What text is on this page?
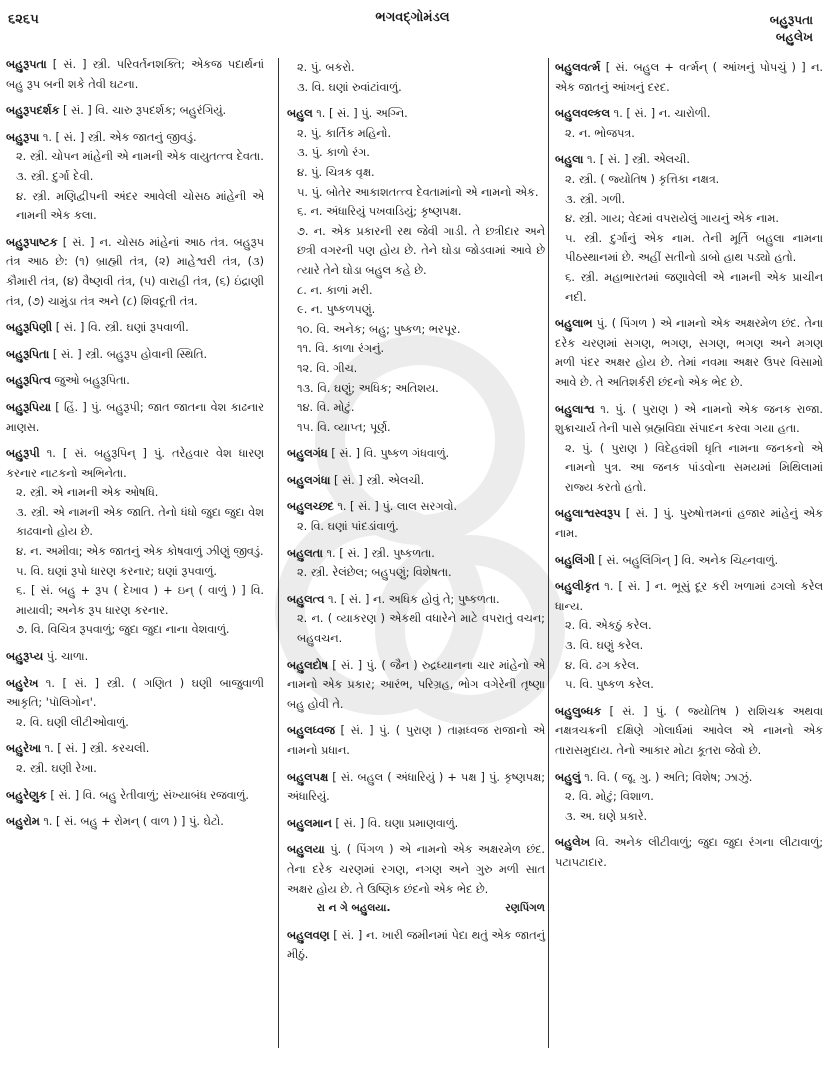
૬૨૬૫	ભગવદ્ગોમંડલ	બહુરૂપતા
બહુલેખ
બહુરૂપતા [ સં. ] સ્ત્રી. પરિવર્તનશક્તિ; એકજ પદાર્થનાં બહુ રૂપ બની શકે તેવી ઘટના.
બહુરૂપદર્શક [ સં. ] વિ. ચારુ રૂપદર્શક; બહુરંગિયું.
બહુરૂપા ૧. [ સં. ] સ્ત્રી. એક જાતનું જીવડું.
૨. સ્ત્રી. ચોપન માંહેની એ નામની એક વાયુતત્ત્વ દેવતા.
૩. સ્ત્રી. દુર્ગા દેવી.
૪. સ્ત્રી. મણિદ્વીપની અંદર આવેલી ચોસઠ માંહેની એ નામની એક કલા.
બહુરૂપાષ્ટક [ સં. ] ન. ચોસઠ માંહેનાં આઠ તંત્ર. બહુરૂપ તંત્ર આઠ છે: (૧) બ્રાહ્મી તંત્ર, (૨) માહેશ્વરી તંત્ર, (૩) કૌમારી તંત્ર, (૪) વૈષ્ણવી તંત્ર, (૫) વારાહી તંત્ર, (૬) ઇંદ્રાણી તંત્ર, (૭) ચામુંડા તંત્ર અને (૮) શિવદૂતી તંત્ર.
બહુરૂપિણી [ સં. ] વિ. સ્ત્રી. ઘણાં રૂપવાળી.
બહુરૂપિતા [ સં. ] સ્ત્રી. બહુરૂપ હોવાની સ્થિતિ.
બહુરૂપિત્વ જુઓ બહુરૂપિતા.
બહુરૂપિયા [ હિં. ] પું. બહુરૂપી; જાત જાતના વેશ કાઢનાર માણસ.
બહુરૂપી ૧. [ સં. બહુરૂપિન્ ] પું. તરેહવાર વેશ ધારણ કરનાર નાટકનો અભિનેતા.
૨. સ્ત્રી. એ નામની એક ઓષધિ.
૩. સ્ત્રી. એ નામની એક જાતિ. તેનો ધંધો જુદા જુદા વેશ કાઢવાનો હોય છે.
૪. ન. અમીવા; એક જાતનું એક કોષવાળું ઝીણું જીવડું.
૫. વિ. ઘણાં રૂપો ધારણ કરનાર; ઘણાં રૂપવાળું.
૬. [ સં. બહુ + રૂપ ( દેખાવ ) + ઇન્ ( વાળું ) ] વિ. માયાવી; અનેક રૂપ ધારણ કરનાર.
૭. વિ. વિચિત્ર રૂપવાળું; જુદા જુદા નાના વેશવાળું.
બહુરૂપ્ય પું. ચાળા.
બહુરેખ ૧. [ સં. ] સ્ત્રી. ( ગણિત ) ઘણી બાજુવાળી આકૃતિ; 'પૉલિગોન'.
૨. વિ. ઘણી લીટીઓવાળું.
બહુરેખા ૧. [ સં. ] સ્ત્રી. કરચલી.
૨. સ્ત્રી. ઘણી રેખા.
બહુરેણુક [ સં. ] વિ. બહુ રેતીવાળું; સંખ્યાબંધ રજવાળું.
બહુરોમ ૧. [ સં. બહુ + રોમન્ ( વાળ ) ] પું. ઘેટો.
૨. પું. બકરો.
૩. વિ. ઘણાં રુવાંટાંવાળું.
બહુલ ૧. [ સં. ] પું. અગ્નિ.
૨. પું. કાર્તિક મહિનો.
૩. પું. કાળો રંગ.
૪. પું. ચિત્રક વૃક્ષ.
૫. પું. બોતેર આકાશતત્ત્વ દેવતામાંનો એ નામનો એક.
૬. ન. અંધારિયું પખવાડિયું; કૃષ્ણપક્ષ.
૭. ન. એક પ્રકારની રથ જેવી ગાડી. તે છત્રીદાર અને છત્રી વગરની પણ હોય છે. તેને ઘોડા જોડવામાં આવે છે ત્યારે તેને ઘોડા બહુલ કહે છે.
૮. ન. કાળાં મરી.
૯. ન. પુષ્કળપણું.
૧૦. વિ. અનેક; બહુ; પુષ્કળ; ભરપૂર.
૧૧. વિ. કાળા રંગનું.
૧૨. વિ. ગીચ.
૧૩. વિ. ઘણું; અધિક; અતિશય.
૧૪. વિ. મોટું.
૧૫. વિ. વ્યાપ્ત; પૂર્ણ.
બહુલગંધ [ સં. ] વિ. પુષ્કળ ગંધવાળું.
બહુલગંધા [ સં. ] સ્ત્રી. એલચી.
બહુલચ્છદ ૧. [ સં. ] પું. લાલ સરગવો.
૨. વિ. ઘણાં પાંદડાંવાળું.
બહુલતા ૧. [ સં. ] સ્ત્રી. પુષ્કળતા.
૨. સ્ત્રી. રેલંછેલ; બહુપણું; વિશેષતા.
બહુલત્વ ૧. [ સં. ] ન. અધિક હોવું તે; પુષ્કળતા.
૨. ન. ( વ્યાકરણ ) એકથી વધારેને માટે વપરાતું વચન; બહુવચન.
બહુલદોષ [ સં. ] પું. ( જૈન ) રુદ્રધ્યાનના ચાર માંહેનો એ નામનો એક પ્રકાર; આરંભ, પરિગ્રહ, ભોગ વગેરેની તૃષ્ણા બહુ હોવી તે.
બહુલધ્વજ [ સં. ] પું. ( પુરાણ ) તામ્રધ્વજ રાજાનો એ નામનો પ્રધાન.
બહુલપક્ષ [ સં. બહુલ ( અંધારિયું ) + પક્ષ ] પું. કૃષ્ણપક્ષ; અંધારિયું.
બહુલમાન [ સં. ] વિ. ઘણા પ્રમાણવાળું.
બહુલયા પું. ( પિંગળ ) એ નામનો એક અક્ષરમેળ છંદ. તેના દરેક ચરણમાં રગણ, નગણ અને ગુરુ મળી સાત અક્ષર હોય છે. તે ઉષ્ણિક છંદનો એક ભેદ છે.
રા ન ગે બહુલયા.	રણપિંગળ
બહુલવણ [ સં. ] ન. ખારી જમીનમાં પેદા થતું એક જાતનું મીઠું.
બહુલવર્ત્મ [ સં. બહુલ + વર્ત્મન્ ( આંખનું પોપચું ) ] ન. એક જાતનું આંખનું દરદ.
બહુલવલ્કલ ૧. [ સં. ] ન. ચારોળી.
૨. ન. ભોજપત્ર.
બહુલા ૧. [ સં. ] સ્ત્રી. એલચી.
૨. સ્ત્રી. ( જ્યોતિષ ) કૃત્તિકા નક્ષત્ર.
૩. સ્ત્રી. ગળી.
૪. સ્ત્રી. ગાય; વેદમાં વપરાયેલું ગાયનું એક નામ.
૫. સ્ત્રી. દુર્ગાનું એક નામ. તેની મૂર્તિ બહુલા નામના પીઠસ્થાનમાં છે. અહીં સતીનો ડાબો હાથ પડ્યો હતો.
૬. સ્ત્રી. મહાભારતમાં જણાવેલી એ નામની એક પ્રાચીન નદી.
બહુલાભ પું. ( પિંગળ ) એ નામનો એક અક્ષરમેળ છંદ. તેના દરેક ચરણમાં સગણ, ભગણ, સગણ, ભગણ અને મગણ મળી પંદર અક્ષર હોય છે. તેમાં નવમા અક્ષર ઉપર વિસામો આવે છે. તે અતિશર્કરી છંદનો એક ભેદ છે.
બહુલાશ્વ ૧. પું. ( પુરાણ ) એ નામનો એક જનક રાજા. શુક્રાચાર્ય તેની પાસે બ્રહ્મવિદ્યા સંપાદન કરવા ગયા હતા.
૨. પું. ( પુરાણ ) વિદેહવંશી ધૃતિ નામના જનકનો એ નામનો પુત્ર. આ જનક પાંડવોના સમયમાં મિથિલામાં રાજ્ય કરતો હતો.
બહુલાશ્વસ્વરૂપ [ સં. ] પું. પુરુષોત્તમનાં હજાર માંહેનું એક નામ.
બહુલિંગી [ સં. બહુલિંગિન્ ] વિ. અનેક ચિહ્નવાળું.
બહુલીકૃત ૧. [ સં. ] ન. ભૂસું દૂર કરી ખળામાં ઢગલો કરેલ ધાન્ય.
૨. વિ. એકઠું કરેલ.
૩. વિ. ઘણું કરેલ.
૪. વિ. ઢગ કરેલ.
૫. વિ. પુષ્કળ કરેલ.
બહુલુબ્ધક [ સં. ] પું. ( જ્યોતિષ ) રાશિચક્ર અથવા નક્ષત્રચક્રની દક્ષિણે ગોલાર્ધમાં આવેલ એ નામનો એક તારાસમુદાય. તેનો આકાર મોટા કૂતરા જેવો છે.
બહુલું ૧. વિ. ( જૂ. ગુ. ) અતિ; વિશેષ; ઝાઝું.
૨. વિ. મોટું; વિશાળ.
૩. અ. ઘણે પ્રકારે.
બહુલેખ વિ. અનેક લીટીવાળું; જુદા જુદા રંગના લીટાવાળું; પટાપટાદાર.
